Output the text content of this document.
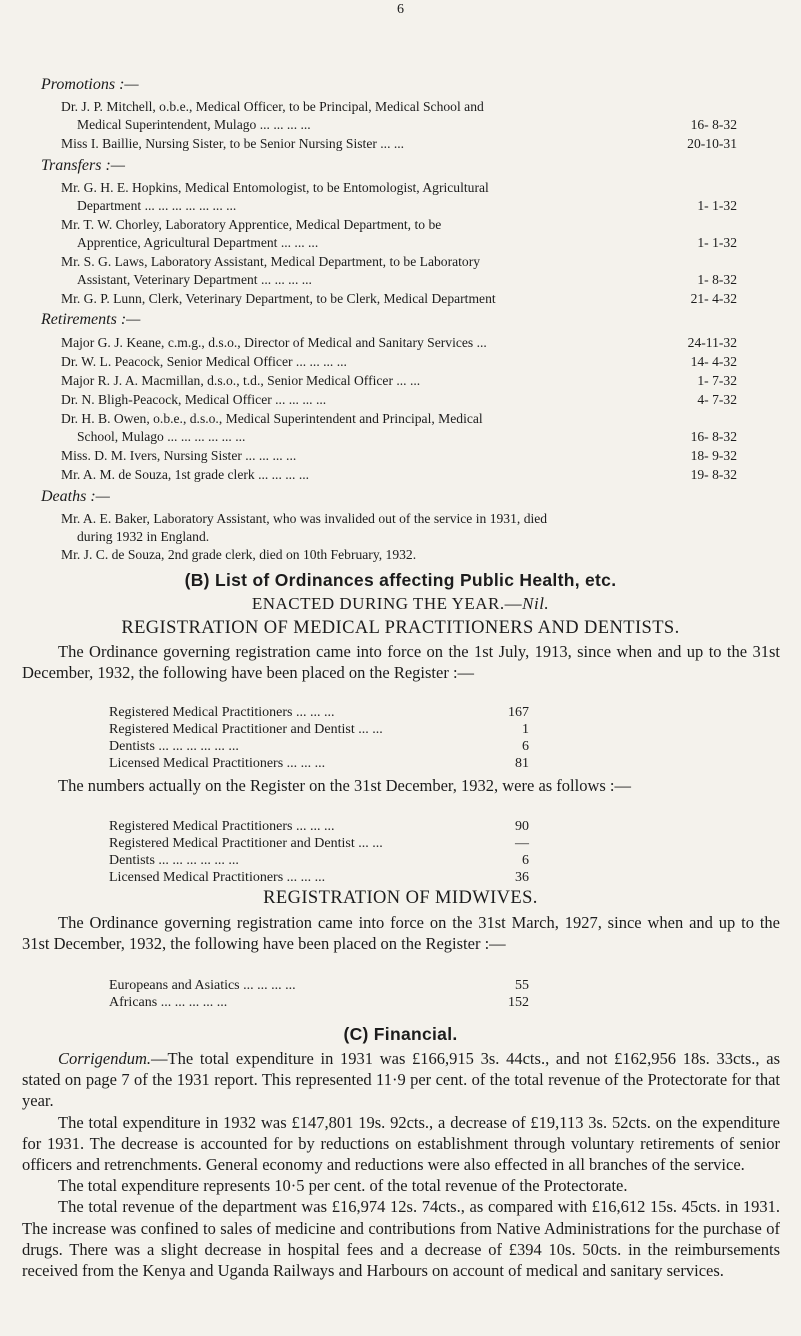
6
Promotions :—
Dr. J. P. Mitchell, o.b.e., Medical Officer, to be Principal, Medical School and
Medical Superintendent, Mulago ... ... ... ...	16- 8-32
Miss I. Baillie, Nursing Sister, to be Senior Nursing Sister ... ...	20-10-31
Transfers :—
Mr. G. H. E. Hopkins, Medical Entomologist, to be Entomologist, Agricultural
Department ... ... ... ... ... ... ...	1- 1-32
Mr. T. W. Chorley, Laboratory Apprentice, Medical Department, to be
Apprentice, Agricultural Department ... ... ...	1- 1-32
Mr. S. G. Laws, Laboratory Assistant, Medical Department, to be Laboratory
Assistant, Veterinary Department ... ... ... ...	1- 8-32
Mr. G. P. Lunn, Clerk, Veterinary Department, to be Clerk, Medical Department	21- 4-32
Retirements :—
Major G. J. Keane, c.m.g., d.s.o., Director of Medical and Sanitary Services ...	24-11-32
Dr. W. L. Peacock, Senior Medical Officer ... ... ... ...	14- 4-32
Major R. J. A. Macmillan, d.s.o., t.d., Senior Medical Officer ... ...	1- 7-32
Dr. N. Bligh-Peacock, Medical Officer ... ... ... ...	4- 7-32
Dr. H. B. Owen, o.b.e., d.s.o., Medical Superintendent and Principal, Medical
School, Mulago ... ... ... ... ... ...	16- 8-32
Miss. D. M. Ivers, Nursing Sister ... ... ... ...	18- 9-32
Mr. A. M. de Souza, 1st grade clerk ... ... ... ...	19- 8-32
Deaths :—
Mr. A. E. Baker, Laboratory Assistant, who was invalided out of the service in 1931, died
during 1932 in England.
Mr. J. C. de Souza, 2nd grade clerk, died on 10th February, 1932.
(B) List of Ordinances affecting Public Health, etc.
ENACTED DURING THE YEAR.—Nil.
REGISTRATION OF MEDICAL PRACTITIONERS AND DENTISTS.

The Ordinance governing registration came into force on the 1st July, 1913, since when and up to the 31st December, 1932, the following have been placed on the Register :—

Registered Medical Practitioners ... ... ...	167
Registered Medical Practitioner and Dentist ... ...	1
Dentists ... ... ... ... ... ...	6
Licensed Medical Practitioners ... ... ...	81

The numbers actually on the Register on the 31st December, 1932, were as follows :—

Registered Medical Practitioners ... ... ...	90
Registered Medical Practitioner and Dentist ... ...	—
Dentists ... ... ... ... ... ...	6
Licensed Medical Practitioners ... ... ...	36
REGISTRATION OF MIDWIVES.

The Ordinance governing registration came into force on the 31st March, 1927, since when and up to the 31st December, 1932, the following have been placed on the Register :—

Europeans and Asiatics ... ... ... ...	55
Africans ... ... ... ... ...	152
(C) Financial.

Corrigendum.—The total expenditure in 1931 was £166,915 3s. 44cts., and not £162,956 18s. 33cts., as stated on page 7 of the 1931 report. This represented 11·9 per cent. of the total revenue of the Protectorate for that year.

The total expenditure in 1932 was £147,801 19s. 92cts., a decrease of £19,113 3s. 52cts. on the expenditure for 1931. The decrease is accounted for by reductions on establishment through voluntary retirements of senior officers and retrenchments. General economy and reductions were also effected in all branches of the service.

The total expenditure represents 10·5 per cent. of the total revenue of the Protectorate.

The total revenue of the department was £16,974 12s. 74cts., as compared with £16,612 15s. 45cts. in 1931. The increase was confined to sales of medicine and contributions from Native Administrations for the purchase of drugs. There was a slight decrease in hospital fees and a decrease of £394 10s. 50cts. in the reimbursements received from the Kenya and Uganda Railways and Harbours on account of medical and sanitary services.
